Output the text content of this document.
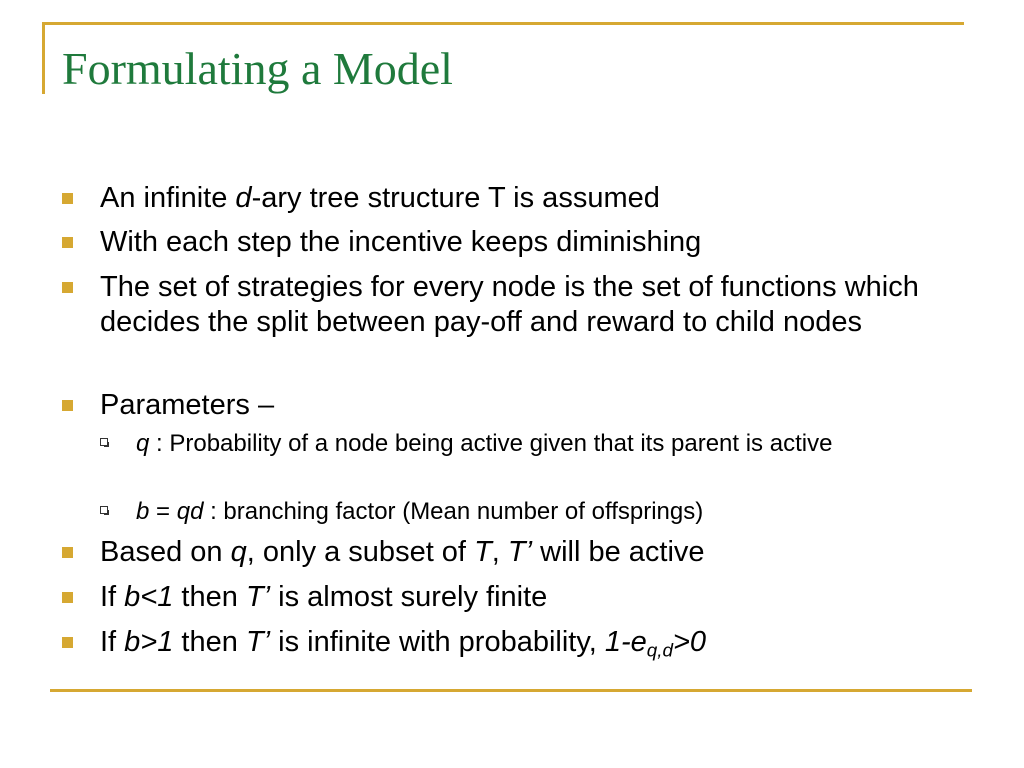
Formulating a Model
An infinite d-ary tree structure T is assumed
With each step the incentive keeps diminishing
The set of strategies for every node is the set of functions which decides the split between pay-off and reward to child nodes
Parameters –
q : Probability of a node being active given that its parent is active
b = qd : branching factor (Mean number of offsprings)
Based on q, only a subset of T, T’ will be active
If b<1 then T’ is almost surely finite
If b>1 then T’ is infinite with probability, $1-e_{q,d}>0$
